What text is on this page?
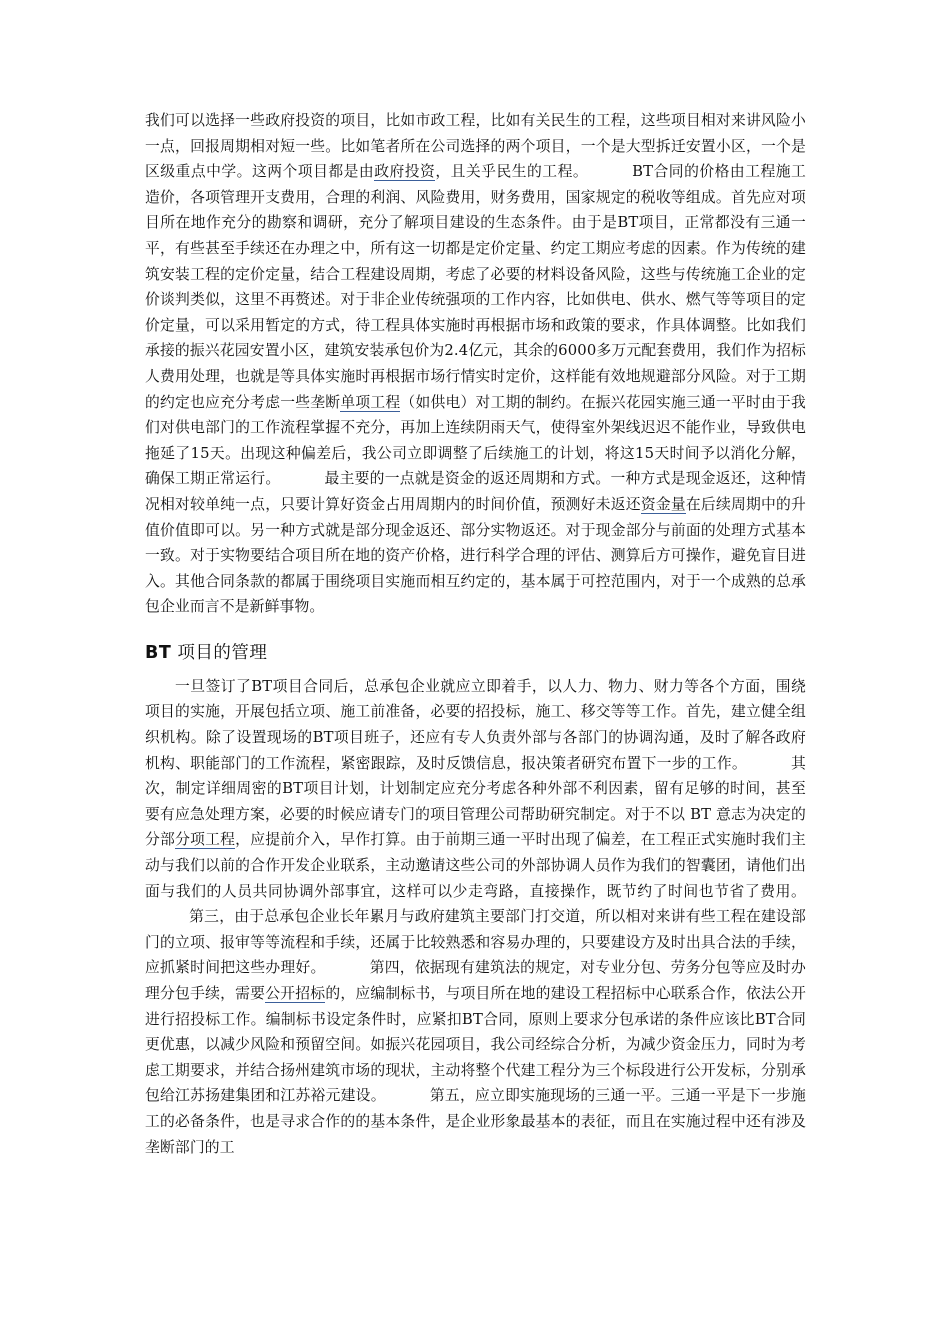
我们可以选择一些政府投资的项目，比如市政工程，比如有关民生的工程，这些项目相对来讲风险小一点，回报周期相对短一些。比如笔者所在公司选择的两个项目，一个是大型拆迁安置小区，一个是区级重点中学。这两个项目都是由政府投资，且关乎民生的工程。	BT合同的价格由工程施工造价，各项管理开支费用，合理的利润、风险费用，财务费用，国家规定的税收等组成。首先应对项目所在地作充分的勘察和调研，充分了解项目建设的生态条件。由于是BT项目，正常都没有三通一平，有些甚至手续还在办理之中，所有这一切都是定价定量、约定工期应考虑的因素。作为传统的建筑安装工程的定价定量，结合工程建设周期，考虑了必要的材料设备风险，这些与传统施工企业的定价谈判类似，这里不再赘述。对于非企业传统强项的工作内容，比如供电、供水、燃气等等项目的定价定量，可以采用暂定的方式，待工程具体实施时再根据市场和政策的要求，作具体调整。比如我们承接的振兴花园安置小区，建筑安装承包价为2.4亿元，其余的6000多万元配套费用，我们作为招标人费用处理，也就是等具体实施时再根据市场行情实时定价，这样能有效地规避部分风险。对于工期的约定也应充分考虑一些垄断单项工程（如供电）对工期的制约。在振兴花园实施三通一平时由于我们对供电部门的工作流程掌握不充分，再加上连续阴雨天气，使得室外架线迟迟不能作业，导致供电拖延了15天。出现这种偏差后，我公司立即调整了后续施工的计划，将这15天时间予以消化分解，确保工期正常运行。	最主要的一点就是资金的返还周期和方式。一种方式是现金返还，这种情况相对较单纯一点，只要计算好资金占用周期内的时间价值，预测好未返还资金量在后续周期中的升值价值即可以。另一种方式就是部分现金返还、部分实物返还。对于现金部分与前面的处理方式基本一致。对于实物要结合项目所在地的资产价格，进行科学合理的评估、测算后方可操作，避免盲目进入。其他合同条款的都属于围绕项目实施而相互约定的，基本属于可控范围内，对于一个成熟的总承包企业而言不是新鲜事物。

BT 项目的管理

一旦签订了BT项目合同后，总承包企业就应立即着手，以人力、物力、财力等各个方面，围绕项目的实施，开展包括立项、施工前准备，必要的招投标，施工、移交等等工作。首先，建立健全组织机构。除了设置现场的BT项目班子，还应有专人负责外部与各部门的协调沟通，及时了解各政府机构、职能部门的工作流程，紧密跟踪，及时反馈信息，报决策者研究布置下一步的工作。	其次，制定详细周密的BT项目计划，计划制定应充分考虑各种外部不利因素，留有足够的时间，甚至要有应急处理方案，必要的时候应请专门的项目管理公司帮助研究制定。对于不以 BT 意志为决定的分部分项工程，应提前介入，早作打算。由于前期三通一平时出现了偏差，在工程正式实施时我们主动与我们以前的合作开发企业联系，主动邀请这些公司的外部协调人员作为我们的智囊团，请他们出面与我们的人员共同协调外部事宜，这样可以少走弯路，直接操作，既节约了时间也节省了费用。第三，由于总承包企业长年累月与政府建筑主要部门打交道，所以相对来讲有些工程在建设部门的立项、报审等等流程和手续，还属于比较熟悉和容易办理的，只要建设方及时出具合法的手续，应抓紧时间把这些办理好。	第四，依据现有建筑法的规定，对专业分包、劳务分包等应及时办理分包手续，需要公开招标的，应编制标书，与项目所在地的建设工程招标中心联系合作，依法公开进行招投标工作。编制标书设定条件时，应紧扣BT合同，原则上要求分包承诺的条件应该比BT合同更优惠，以减少风险和预留空间。如振兴花园项目，我公司经综合分析，为减少资金压力，同时为考虑工期要求，并结合扬州建筑市场的现状，主动将整个代建工程分为三个标段进行公开发标，分别承包给江苏扬建集团和江苏裕元建设。	第五，应立即实施现场的三通一平。三通一平是下一步施工的必备条件，也是寻求合作的的基本条件，是企业形象最基本的表征，而且在实施过程中还有涉及垄断部门的工
